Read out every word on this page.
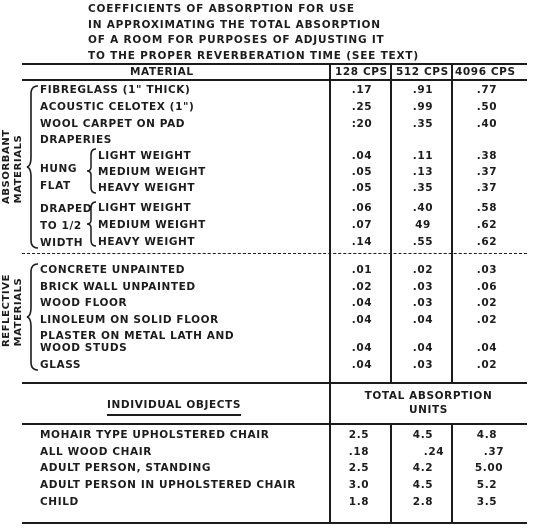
COEFFICIENTS OF ABSORPTION FOR USE
IN APPROXIMATING THE TOTAL ABSORPTION
OF A ROOM FOR PURPOSES OF ADJUSTING IT
TO THE PROPER REVERBERATION TIME (SEE TEXT)
MATERIAL	128 CPS 512 CPS 4096 CPS
ABSORBANT MATERIALS
REFLECTIVE MATERIALS
FIBREGLASS (1" THICK)	.17	.91	.77
ACOUSTIC CELOTEX (1")	.25	.99	.50
WOOL CARPET ON PAD	:20	.35	.40
DRAPERIES
HUNG
FLAT
LIGHT WEIGHT	.04	.11	.38
MEDIUM WEIGHT	.05	.13	.37
HEAVY WEIGHT	.05	.35	.37
DRAPED
TO 1/2
WIDTH
LIGHT WEIGHT	.06	.40	.58
MEDIUM WEIGHT	.07	49	.62
HEAVY WEIGHT	.14	.55	.62
CONCRETE UNPAINTED	.01	.02	.03
BRICK WALL UNPAINTED	.02	.03	.06
WOOD FLOOR	.04	.03	.02
LINOLEUM ON SOLID FLOOR	.04	.04	.02
PLASTER ON METAL LATH AND
WOOD STUDS	.04	.04	.04
GLASS	.04	.03	.02
INDIVIDUAL OBJECTS
TOTAL ABSORPTION
UNITS
MOHAIR TYPE UPHOLSTERED CHAIR	2.5	4.5	4.8
ALL WOOD CHAIR	.18	.24	.37
ADULT PERSON, STANDING	2.5	4.2	5.00
ADULT PERSON IN UPHOLSTERED CHAIR	3.0	4.5	5.2
CHILD	1.8	2.8	3.5
